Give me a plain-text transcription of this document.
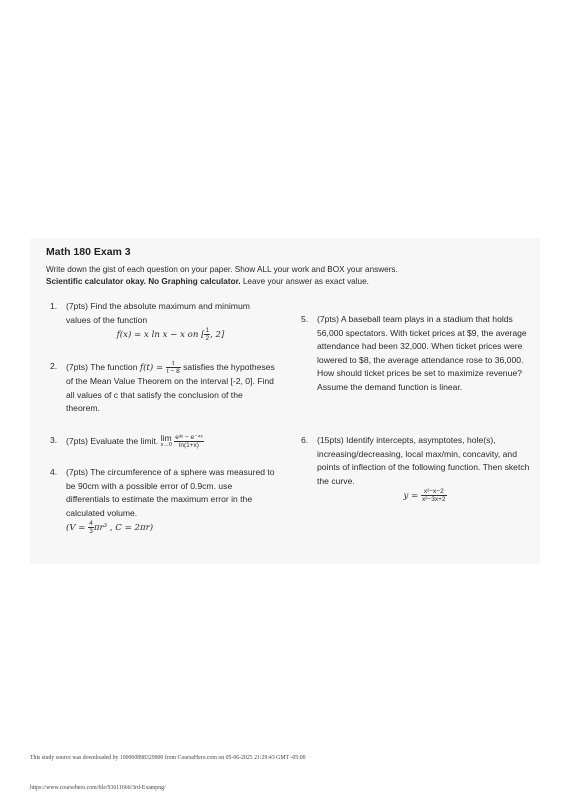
Math 180 Exam 3
Write down the gist of each question on your paper. Show ALL your work and BOX your answers.
Scientific calculator okay. No Graphing calculator. Leave your answer as exact value.
1. (7pts) Find the absolute maximum and minimum values of the function
f(x) = x ln x − x on [ $\frac{1}{2}$ , 2]
2. (7pts) The function $f(t) = \frac{t}{t - 8}$ satisfies the hypotheses of the Mean Value Theorem on the interval [-2, 0]. Find all values of c that satisfy the conclusion of the theorem.
3. (7pts) Evaluate the limit. lim
x→0
$\frac{\text{e³ˣ − e⁻⁴ˣ}}{\ln(1+x)}$
4. (7pts) The circumference of a sphere was measured to be 90cm with a possible error of 0.9cm. use differentials to estimate the maximum error in the calculated volume.
($V = \frac{4}{3} \pi r^3$ , C = 2πr)
5. (7pts) A baseball team plays in a stadium that holds 56,000 spectators. With ticket prices at $9, the average attendance had been 32,000. When ticket prices were lowered to $8, the average attendance rose to 36,000. How should ticket prices be set to maximize revenue? Assume the demand function is linear.
6. (15pts) Identify intercepts, asymptotes, hole(s), increasing/decreasing, local max/min, concavity, and points of inflection of the following function. Then sketch the curve.
$y = \frac{\text{x²−x−2}}{\text{x²−3x+2}}$
This study source was downloaded by 100000898329900 from CourseHero.com on 05-06-2025 21:29:43 GMT -05:00
https://www.coursehero.com/file/93611666/3rd-Exampng/
